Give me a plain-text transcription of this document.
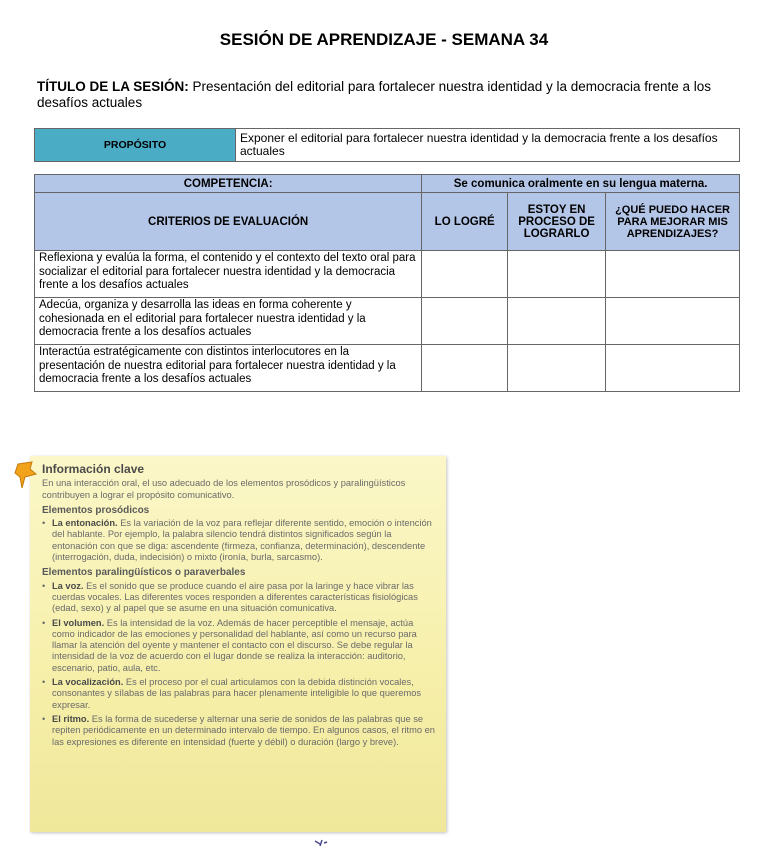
SESIÓN DE APRENDIZAJE - SEMANA 34
TÍTULO DE LA SESIÓN: Presentación del editorial para fortalecer nuestra identidad y la democracia frente a los desafíos actuales
PROPÓSITO	Exponer el editorial para fortalecer nuestra identidad y la democracia frente a los desafíos actuales
COMPETENCIA:	Se comunica oralmente en su lengua materna.		
CRITERIOS DE EVALUACIÓN	LO LOGRÉ	ESTOY EN PROCESO DE LOGRARLO	¿QUÉ PUEDO HACER PARA MEJORAR MIS APRENDIZAJES?
Reflexiona y evalúa la forma, el contenido y el contexto del texto oral para socializar el editorial para fortalecer nuestra identidad y la democracia frente a los desafíos actuales			
Adecúa, organiza y desarrolla las ideas en forma coherente y cohesionada en el editorial para fortalecer nuestra identidad y la democracia frente a los desafíos actuales			
Interactúa estratégicamente con distintos interlocutores en la presentación de nuestra editorial para fortalecer nuestra identidad y la democracia frente a los desafíos actuales			
Información clave

En una interacción oral, el uso adecuado de los elementos prosódicos y paralingüísticos contribuyen a lograr el propósito comunicativo.

Elementos prosódicos
• La entonación. Es la variación de la voz para reflejar diferente sentido, emoción o intención del hablante. Por ejemplo, la palabra silencio tendrá distintos significados según la entonación con que se diga: ascendente (firmeza, confianza, determinación), descendente (interrogación, duda, indecisión) o mixto (ironía, burla, sarcasmo).
Elementos paralingüísticos o paraverbales
• La voz. Es el sonido que se produce cuando el aire pasa por la laringe y hace vibrar las cuerdas vocales. Las diferentes voces responden a diferentes características fisiológicas (edad, sexo) y al papel que se asume en una situación comunicativa.
• El volumen. Es la intensidad de la voz. Además de hacer perceptible el mensaje, actúa como indicador de las emociones y personalidad del hablante, así como un recurso para llamar la atención del oyente y mantener el contacto con el discurso. Se debe regular la intensidad de la voz de acuerdo con el lugar donde se realiza la interacción: auditorio, escenario, patio, aula, etc.
• La vocalización. Es el proceso por el cual articulamos con la debida distinción vocales, consonantes y sílabas de las palabras para hacer plenamente inteligible lo que queremos expresar.
• El ritmo. Es la forma de sucederse y alternar una serie de sonidos de las palabras que se repiten periódicamente en un determinado intervalo de tiempo. En algunos casos, el ritmo en las expresiones es diferente en intensidad (fuerte y débil) o duración (largo y breve).
